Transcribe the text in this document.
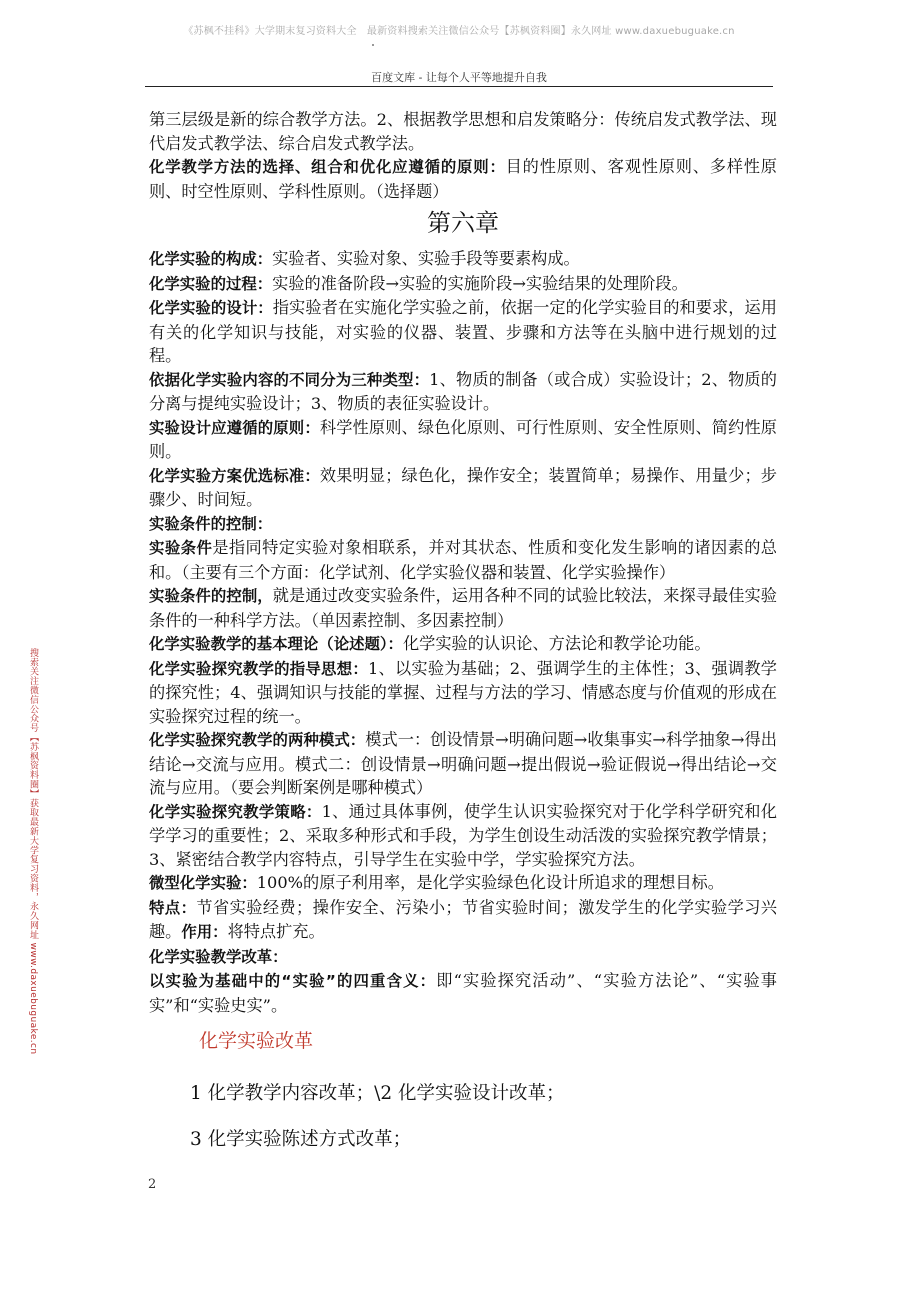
《苏枫不挂科》大学期末复习资料大全　最新资料搜索关注微信公众号【苏枫资料圈】永久网址 www.daxuebuguake.cn
百度文库 - 让每个人平等地提升自我
搜索关注微信公众号【苏枫资料圈】获取最新大学复习资料，永久网址 www.daxuebuguake.cn

第三层级是新的综合教学方法。2、根据教学思想和启发策略分：传统启发式教学法、现代启发式教学法、综合启发式教学法。

化学教学方法的选择、组合和优化应遵循的原则：目的性原则、客观性原则、多样性原则、时空性原则、学科性原则。（选择题）

第六章

化学实验的构成：实验者、实验对象、实验手段等要素构成。

化学实验的过程：实验的准备阶段→实验的实施阶段→实验结果的处理阶段。

化学实验的设计：指实验者在实施化学实验之前，依据一定的化学实验目的和要求，运用有关的化学知识与技能，对实验的仪器、装置、步骤和方法等在头脑中进行规划的过程。

依据化学实验内容的不同分为三种类型：1、物质的制备（或合成）实验设计；2、物质的分离与提纯实验设计；3、物质的表征实验设计。

实验设计应遵循的原则：科学性原则、绿色化原则、可行性原则、安全性原则、简约性原则。

化学实验方案优选标准：效果明显；绿色化，操作安全；装置简单；易操作、用量少；步骤少、时间短。

实验条件的控制：

实验条件是指同特定实验对象相联系，并对其状态、性质和变化发生影响的诸因素的总和。（主要有三个方面：化学试剂、化学实验仪器和装置、化学实验操作）

实验条件的控制，就是通过改变实验条件，运用各种不同的试验比较法，来探寻最佳实验条件的一种科学方法。（单因素控制、多因素控制）

化学实验教学的基本理论（论述题）：化学实验的认识论、方法论和教学论功能。

化学实验探究教学的指导思想：1、以实验为基础；2、强调学生的主体性；3、强调教学的探究性；4、强调知识与技能的掌握、过程与方法的学习、情感态度与价值观的形成在实验探究过程的统一。

化学实验探究教学的两种模式：模式一：创设情景→明确问题→收集事实→科学抽象→得出结论→交流与应用。模式二：创设情景→明确问题→提出假说→验证假说→得出结论→交流与应用。（要会判断案例是哪种模式）

化学实验探究教学策略：1、通过具体事例，使学生认识实验探究对于化学科学研究和化学学习的重要性；2、采取多种形式和手段，为学生创设生动活泼的实验探究教学情景；3、紧密结合教学内容特点，引导学生在实验中学，学实验探究方法。

微型化学实验：100%的原子利用率，是化学实验绿色化设计所追求的理想目标。

特点：节省实验经费；操作安全、污染小；节省实验时间；激发学生的化学实验学习兴趣。作用：将特点扩充。

化学实验教学改革：

以实验为基础中的“实验”的四重含义：即“实验探究活动”、“实验方法论”、“实验事实”和“实验史实”。

化学实验改革
1 化学教学内容改革；\2 化学实验设计改革；
3 化学实验陈述方式改革；
2
